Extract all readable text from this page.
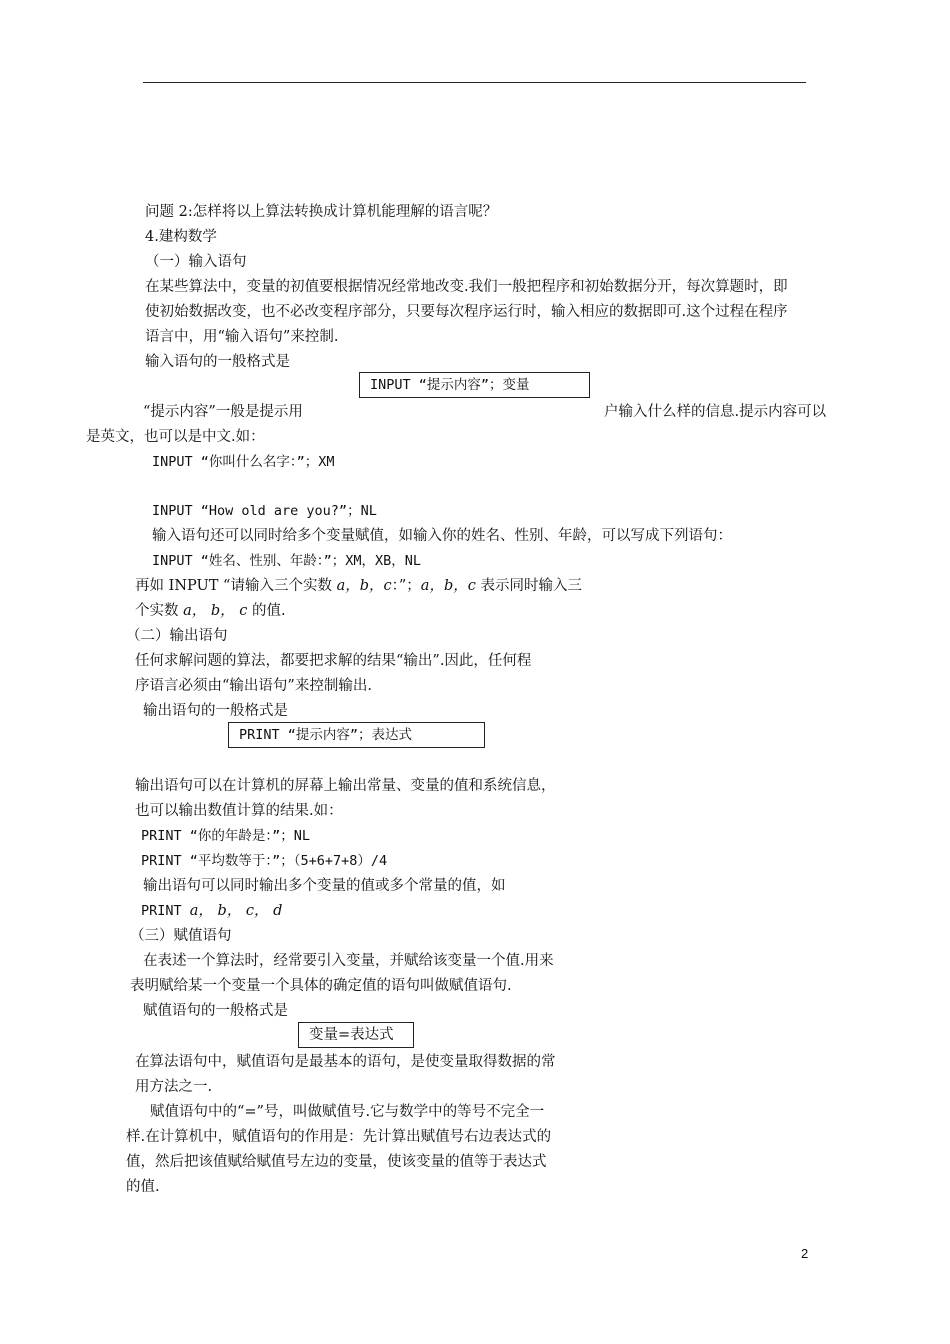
问题 2:怎样将以上算法转换成计算机能理解的语言呢？
4.建构数学
（一）输入语句
在某些算法中，变量的初值要根据情况经常地改变.我们一般把程序和初始数据分开，每次算题时，即
使初始数据改变，也不必改变程序部分，只要每次程序运行时，输入相应的数据即可.这个过程在程序
语言中，用“输入语句”来控制.
输入语句的一般格式是
INPUT “提示内容”；变量
“提示内容”一般是提示用	户输入什么样的信息.提示内容可以
是英文，也可以是中文.如：
INPUT “你叫什么名字：”；XM
INPUT “How old are you?”；NL
输入语句还可以同时给多个变量赋值，如输入你的姓名、性别、年龄，可以写成下列语句：
INPUT “姓名、性别、年龄：”；XM，XB，NL
再如 INPUT “请输入三个实数 a，b，c：”；a，b，c 表示同时输入三
个实数 a， b， c 的值.
（二）输出语句
任何求解问题的算法，都要把求解的结果“输出”.因此，任何程
序语言必须由“输出语句”来控制输出.
输出语句的一般格式是
PRINT “提示内容”；表达式
输出语句可以在计算机的屏幕上输出常量、变量的值和系统信息，
也可以输出数值计算的结果.如：
PRINT “你的年龄是：”；NL
PRINT “平均数等于：”；（5+6+7+8）/4
输出语句可以同时输出多个变量的值或多个常量的值，如
PRINT a， b， c， d
（三）赋值语句
在表述一个算法时，经常要引入变量，并赋给该变量一个值.用来
表明赋给某一个变量一个具体的确定值的语句叫做赋值语句.
赋值语句的一般格式是
变量=表达式
在算法语句中，赋值语句是最基本的语句，是使变量取得数据的常
用方法之一.
赋值语句中的“=”号，叫做赋值号.它与数学中的等号不完全一
样.在计算机中，赋值语句的作用是：先计算出赋值号右边表达式的
值，然后把该值赋给赋值号左边的变量，使该变量的值等于表达式
的值.
2
